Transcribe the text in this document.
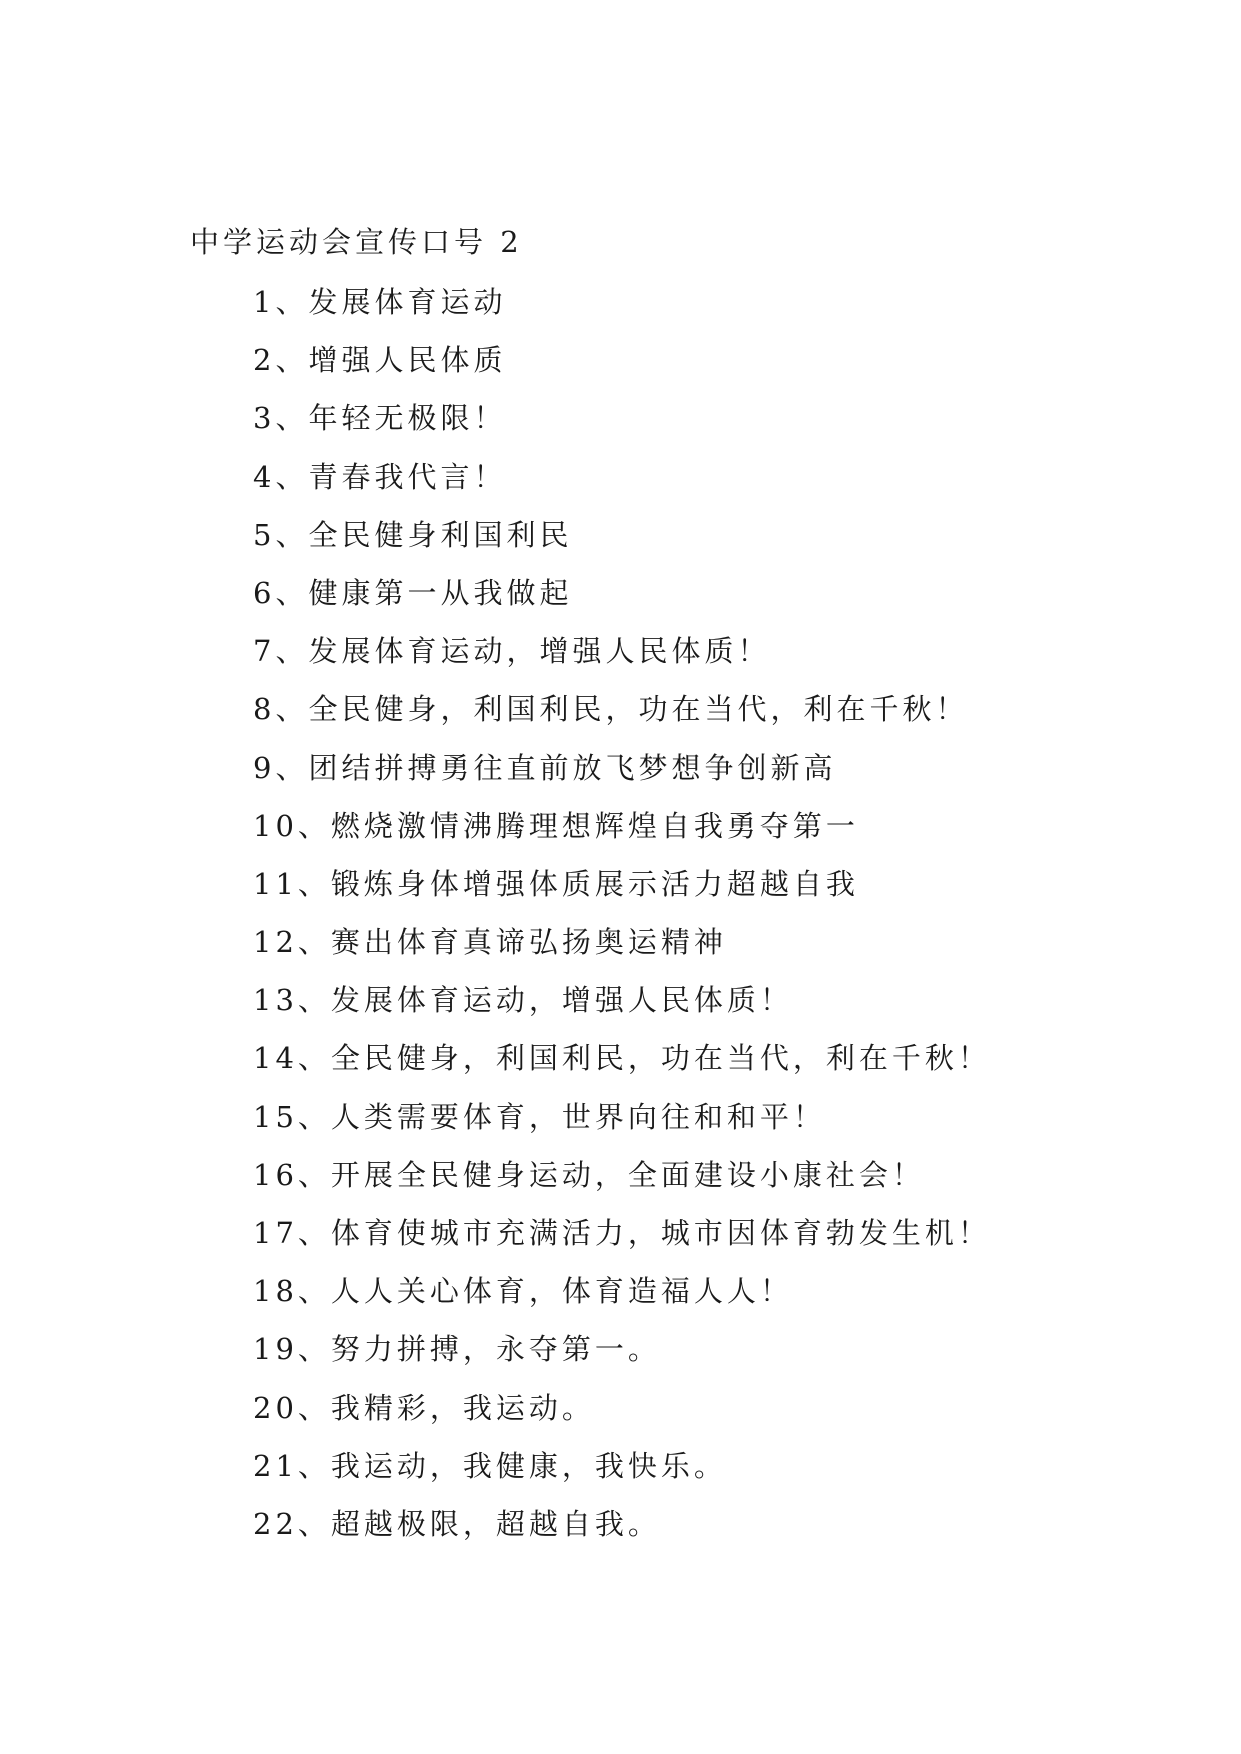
中学运动会宣传口号 2
1、发展体育运动
2、增强人民体质
3、年轻无极限！
4、青春我代言！
5、全民健身利国利民
6、健康第一从我做起
7、发展体育运动，增强人民体质！
8、全民健身，利国利民，功在当代，利在千秋！
9、团结拼搏勇往直前放飞梦想争创新高
10、燃烧激情沸腾理想辉煌自我勇夺第一
11、锻炼身体增强体质展示活力超越自我
12、赛出体育真谛弘扬奥运精神
13、发展体育运动，增强人民体质！
14、全民健身，利国利民，功在当代，利在千秋！
15、人类需要体育，世界向往和和平！
16、开展全民健身运动，全面建设小康社会！
17、体育使城市充满活力，城市因体育勃发生机！
18、人人关心体育，体育造福人人！
19、努力拼搏，永夺第一。
20、我精彩，我运动。
21、我运动，我健康，我快乐。
22、超越极限，超越自我。
